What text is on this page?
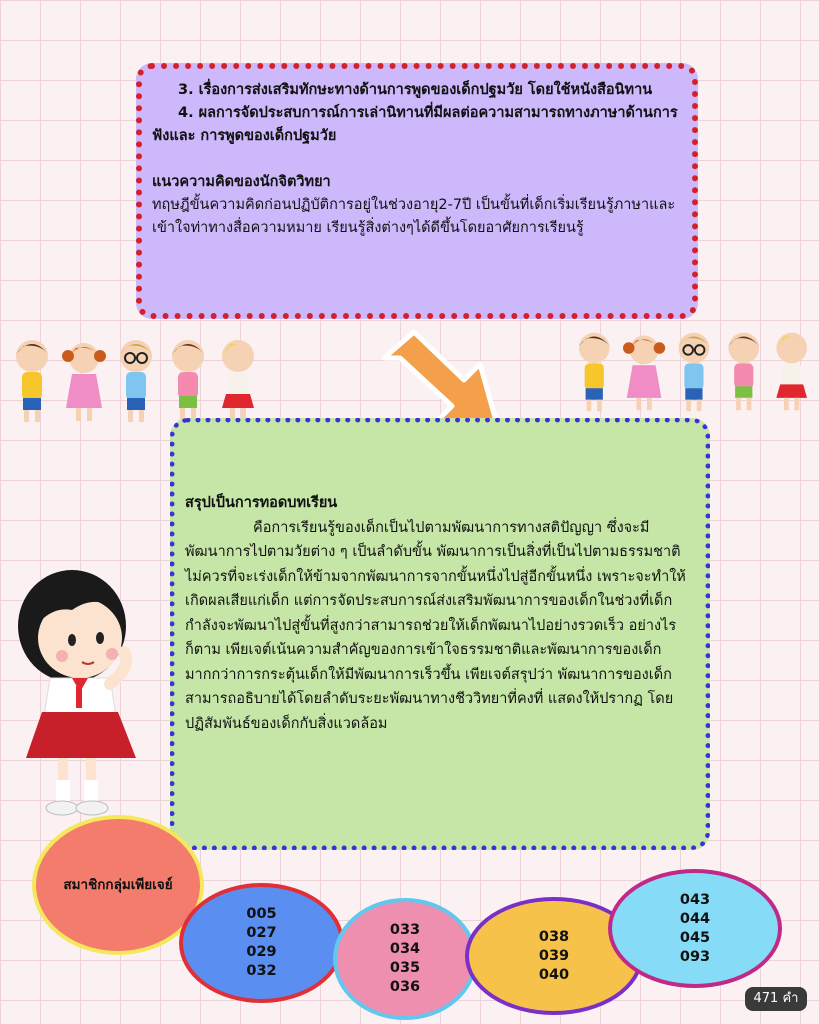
3. เรื่องการส่งเสริมทักษะทางด้านการพูดของเด็กปฐมวัย โดยใช้หนังสือนิทาน
4. ผลการจัดประสบการณ์การเล่านิทานที่มีผลต่อความสามารถทางภาษาด้านการฟังและ การพูดของเด็กปฐมวัย
แนวความคิดของนักจิตวิทยา
ทฤษฎีขั้นความคิดก่อนปฏิบัติการอยู่ในช่วงอายุ2-7ปี เป็นขั้นที่เด็กเริ่มเรียนรู้ภาษาและเข้าใจท่าทางสื่อความหมาย เรียนรู้สิ่งต่างๆได้ดีขึ้นโดยอาศัยการเรียนรู้
สรุปเป็นการทอดบทเรียน
คือการเรียนรู้ของเด็กเป็นไปตามพัฒนาการทางสติปัญญา ซึ่งจะมีพัฒนาการไปตามวัยต่าง ๆ เป็นลำดับขั้น พัฒนาการเป็นสิ่งที่เป็นไปตามธรรมชาติ ไม่ควรที่จะเร่งเด็กให้ข้ามจากพัฒนาการจากขั้นหนึ่งไปสู่อีกขั้นหนึ่ง เพราะจะทำให้เกิดผลเสียแก่เด็ก แต่การจัดประสบการณ์ส่งเสริมพัฒนาการของเด็กในช่วงที่เด็กกำลังจะพัฒนาไปสู่ขั้นที่สูงกว่าสามารถช่วยให้เด็กพัฒนาไปอย่างรวดเร็ว อย่างไรก็ตาม เพียเจต์เน้นความสำคัญของการเข้าใจธรรมชาติและพัฒนาการของเด็กมากกว่าการกระตุ้นเด็กให้มีพัฒนาการเร็วขึ้น เพียเจต์สรุปว่า พัฒนาการของเด็กสามารถอธิบายได้โดยลำดับระยะพัฒนาทางชีววิทยาที่คงที่ แสดงให้ปรากฏ โดยปฏิสัมพันธ์ของเด็กกับสิ่งแวดล้อม
สมาชิกกลุ่มเพียเจย์
005
027
029
032
033
034
035
036
038
039
040
043
044
045
093
471 คำ
